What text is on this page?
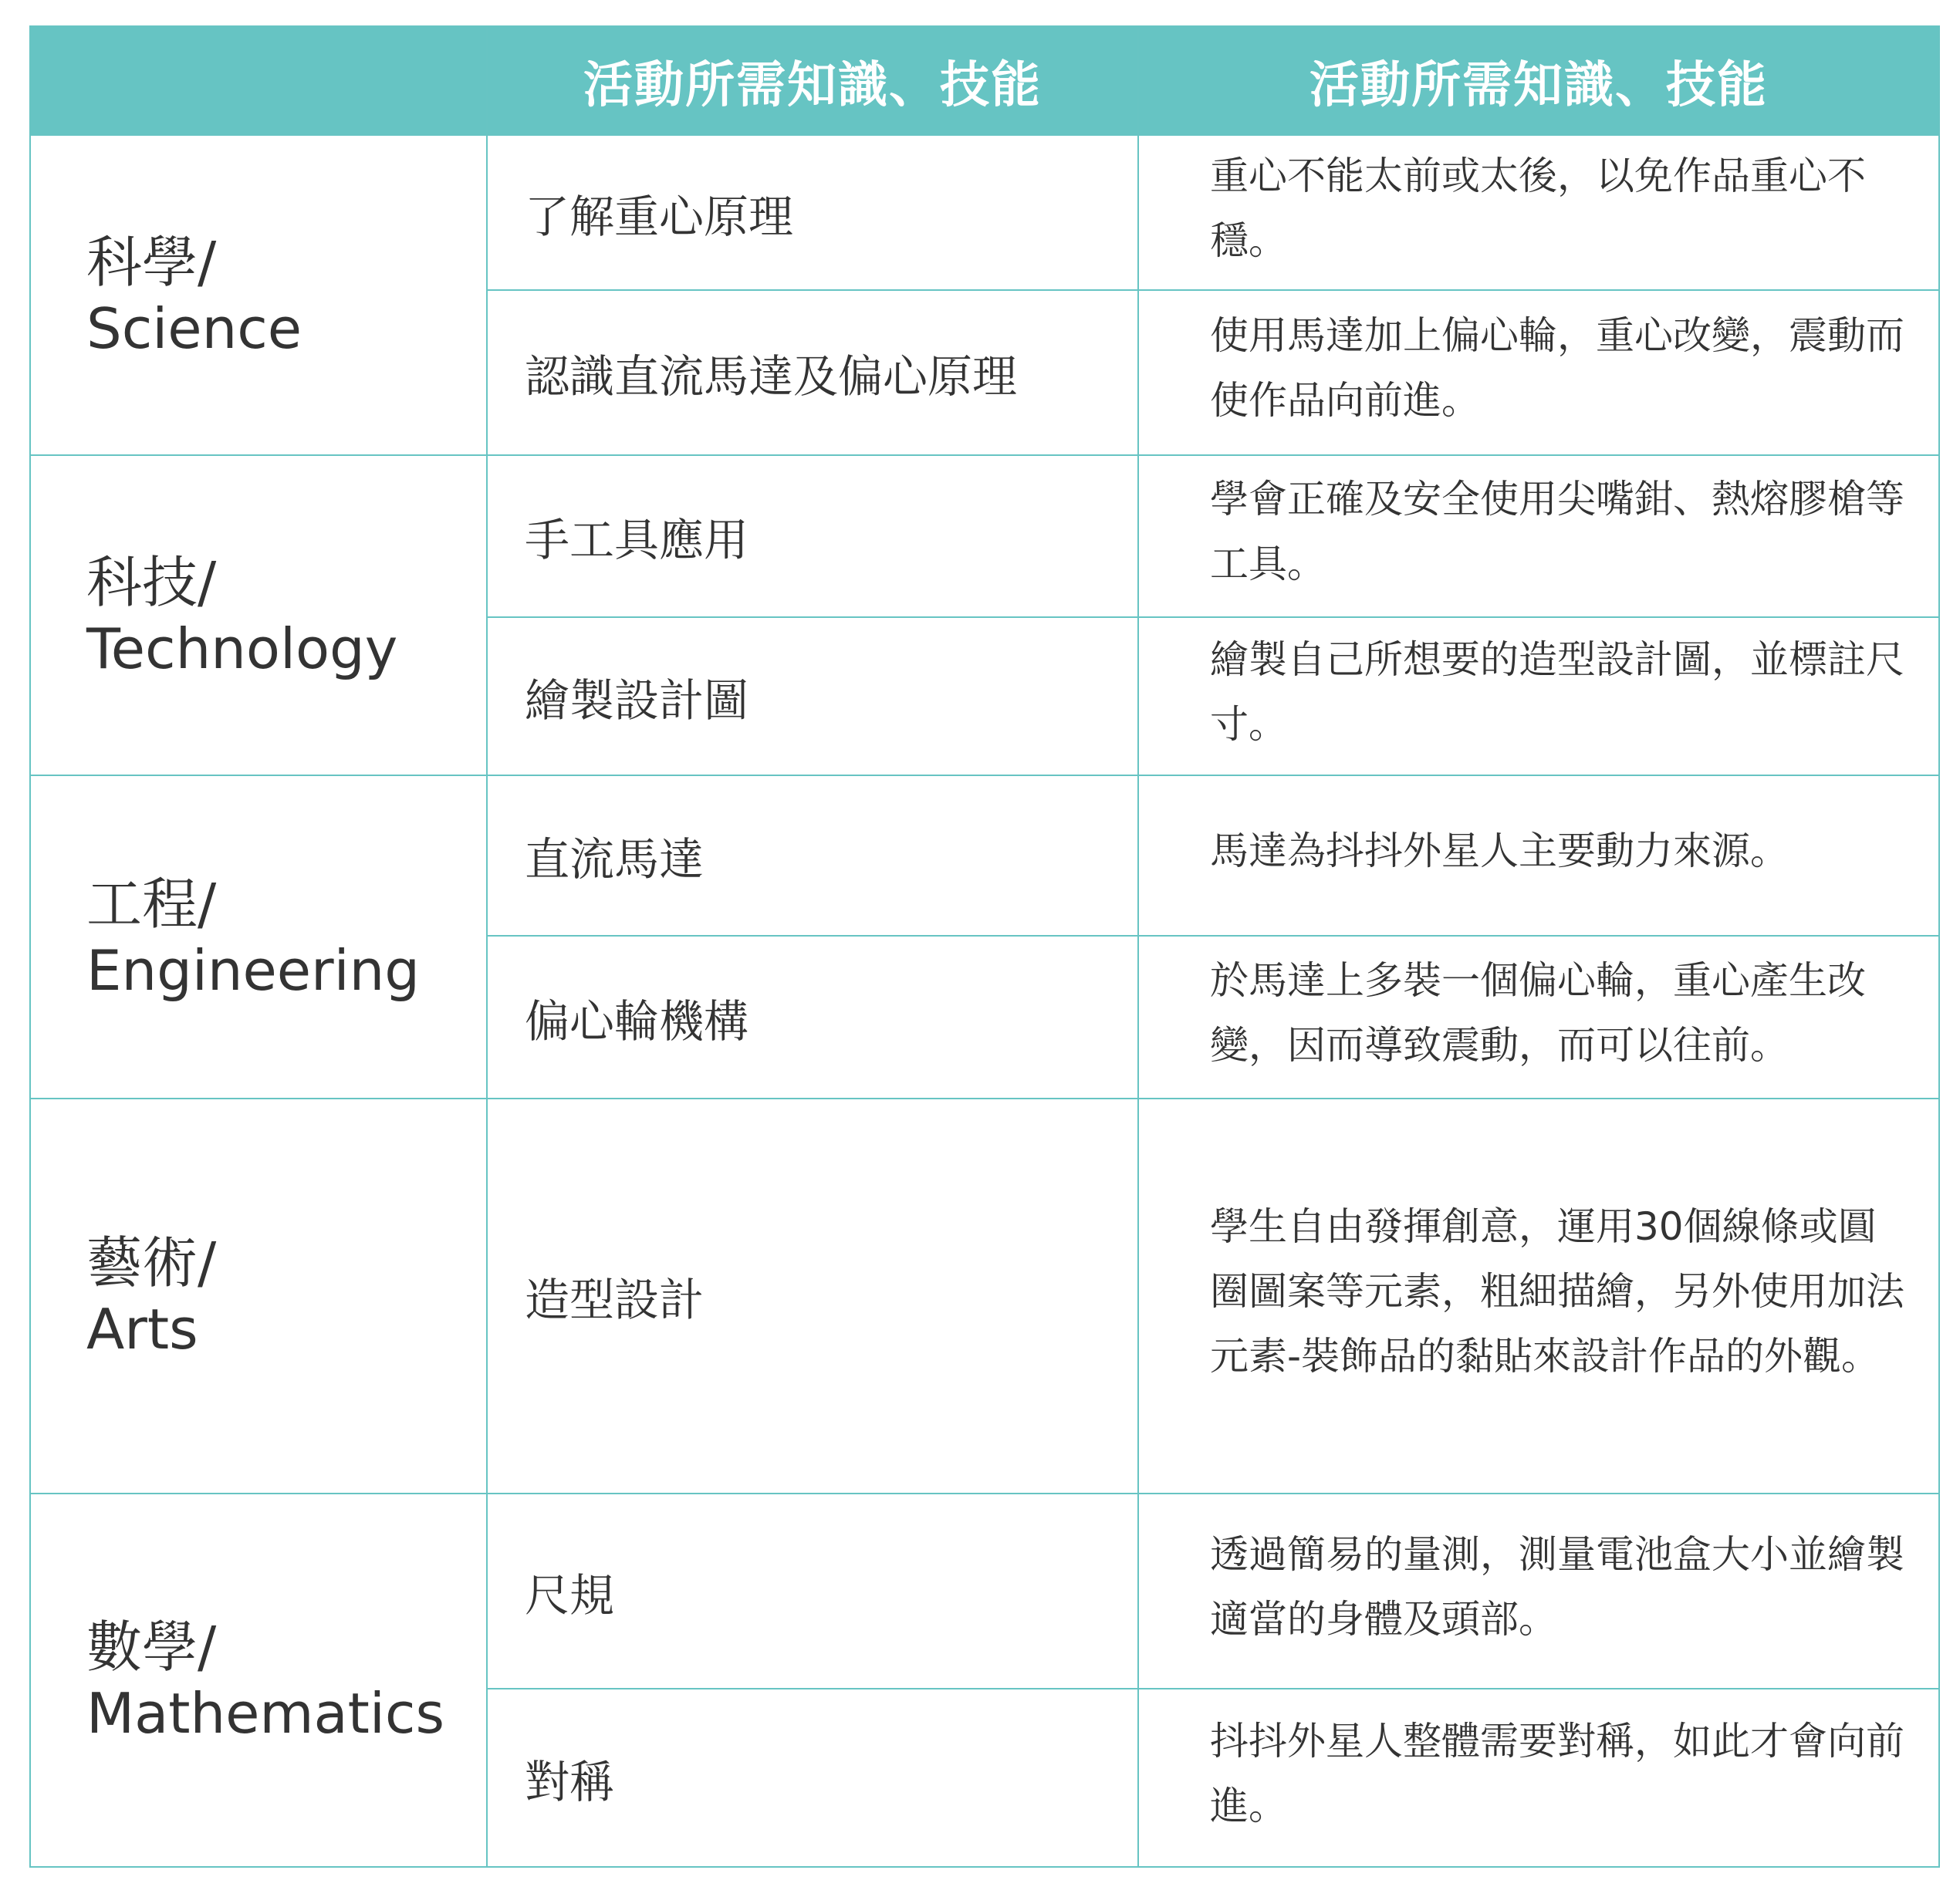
	活動所需知識、技能	活動所需知識、技能

科學/
Science	了解重心原理	重心不能太前或太後，以免作品重心不穩。
	認識直流馬達及偏心原理	使用馬達加上偏心輪，重心改變，震動而使作品向前進。

科技/
Technology	手工具應用	學會正確及安全使用尖嘴鉗、熱熔膠槍等工具。
	繪製設計圖	繪製自己所想要的造型設計圖，並標註尺寸。

工程/
Engineering	直流馬達	馬達為抖抖外星人主要動力來源。
	偏心輪機構	於馬達上多裝一個偏心輪，重心產生改變，因而導致震動，而可以往前。

藝術/
Arts	造型設計	學生自由發揮創意，運用30個線條或圓圈圖案等元素，粗細描繪，另外使用加法元素-裝飾品的黏貼來設計作品的外觀。

數學/
Mathematics	尺規	透過簡易的量測，測量電池盒大小並繪製適當的身體及頭部。
	對稱	抖抖外星人整體需要對稱，如此才會向前進。
